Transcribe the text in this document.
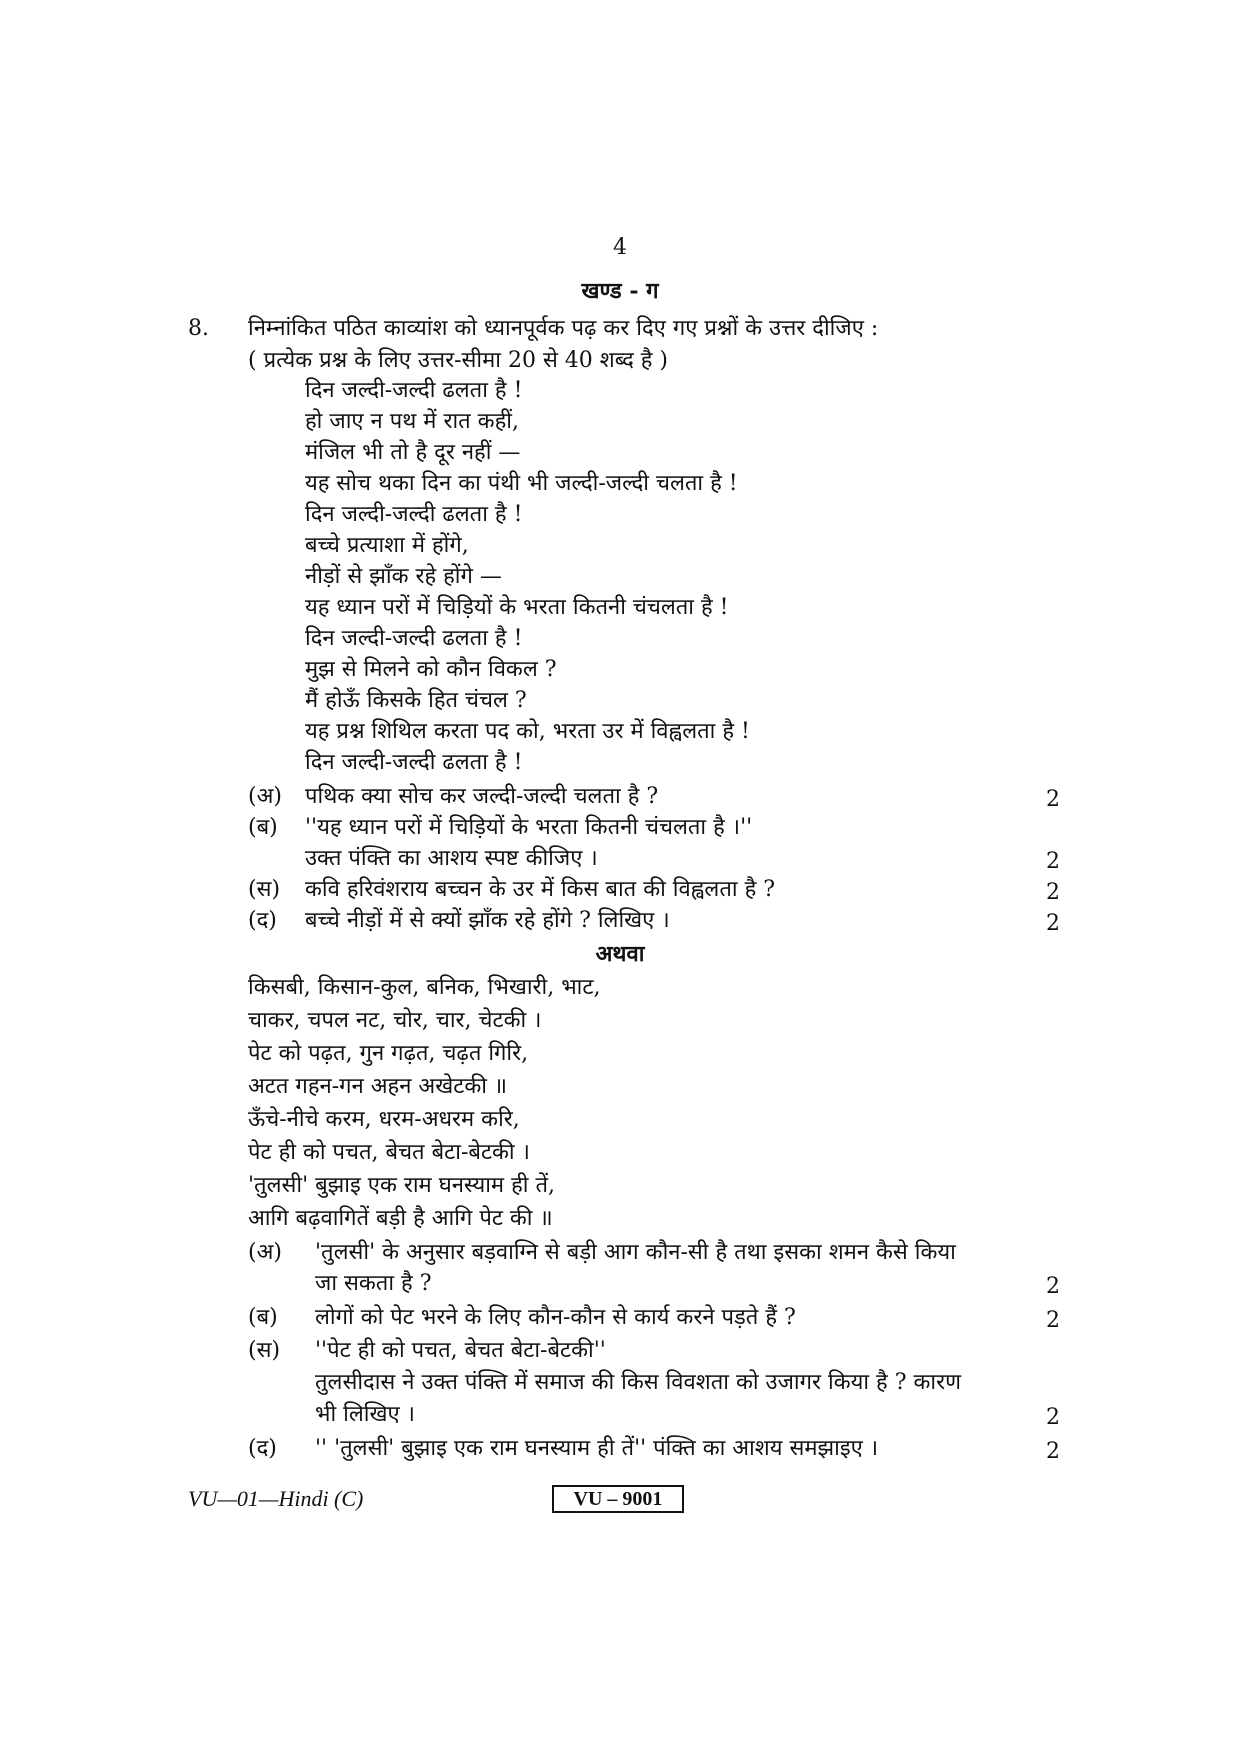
4
खण्ड - ग
8. निम्नांकित पठित काव्यांश को ध्यानपूर्वक पढ़ कर दिए गए प्रश्नों के उत्तर दीजिए :
( प्रत्येक प्रश्न के लिए उत्तर-सीमा 20 से 40 शब्द है )
दिन जल्दी-जल्दी ढलता है !
हो जाए न पथ में रात कहीं,
मंजिल भी तो है दूर नहीं —
यह सोच थका दिन का पंथी भी जल्दी-जल्दी चलता है !
दिन जल्दी-जल्दी ढलता है !
बच्चे प्रत्याशा में होंगे,
नीड़ों से झाँक रहे होंगे —
यह ध्यान परों में चिड़ियों के भरता कितनी चंचलता है !
दिन जल्दी-जल्दी ढलता है !
मुझ से मिलने को कौन विकल ?
मैं होऊँ किसके हित चंचल ?
यह प्रश्न शिथिल करता पद को, भरता उर में विह्वलता है !
दिन जल्दी-जल्दी ढलता है !
(अ) पथिक क्या सोच कर जल्दी-जल्दी चलता है ?	2
(ब) ''यह ध्यान परों में चिड़ियों के भरता कितनी चंचलता है ।''
उक्त पंक्ति का आशय स्पष्ट कीजिए ।	2
(स) कवि हरिवंशराय बच्चन के उर में किस बात की विह्वलता है ?	2
(द) बच्चे नीड़ों में से क्यों झाँक रहे होंगे ? लिखिए ।	2
अथवा
किसबी, किसान-कुल, बनिक, भिखारी, भाट,
चाकर, चपल नट, चोर, चार, चेटकी ।
पेट को पढ़त, गुन गढ़त, चढ़त गिरि,
अटत गहन-गन अहन अखेटकी ॥
ऊँचे-नीचे करम, धरम-अधरम करि,
पेट ही को पचत, बेचत बेटा-बेटकी ।
'तुलसी' बुझाइ एक राम घनस्याम ही तें,
आगि बढ़वागितें बड़ी है आगि पेट की ॥
(अ) 'तुलसी' के अनुसार बड़वाग्नि से बड़ी आग कौन-सी है तथा इसका शमन कैसे किया
जा सकता है ?	2
(ब) लोगों को पेट भरने के लिए कौन-कौन से कार्य करने पड़ते हैं ?	2
(स) ''पेट ही को पचत, बेचत बेटा-बेटकी''
तुलसीदास ने उक्त पंक्ति में समाज की किस विवशता को उजागर किया है ? कारण
भी लिखिए ।	2
(द) '' 'तुलसी' बुझाइ एक राम घनस्याम ही तें'' पंक्ति का आशय समझाइए ।	2
VU—01—Hindi (C)	VU – 9001
